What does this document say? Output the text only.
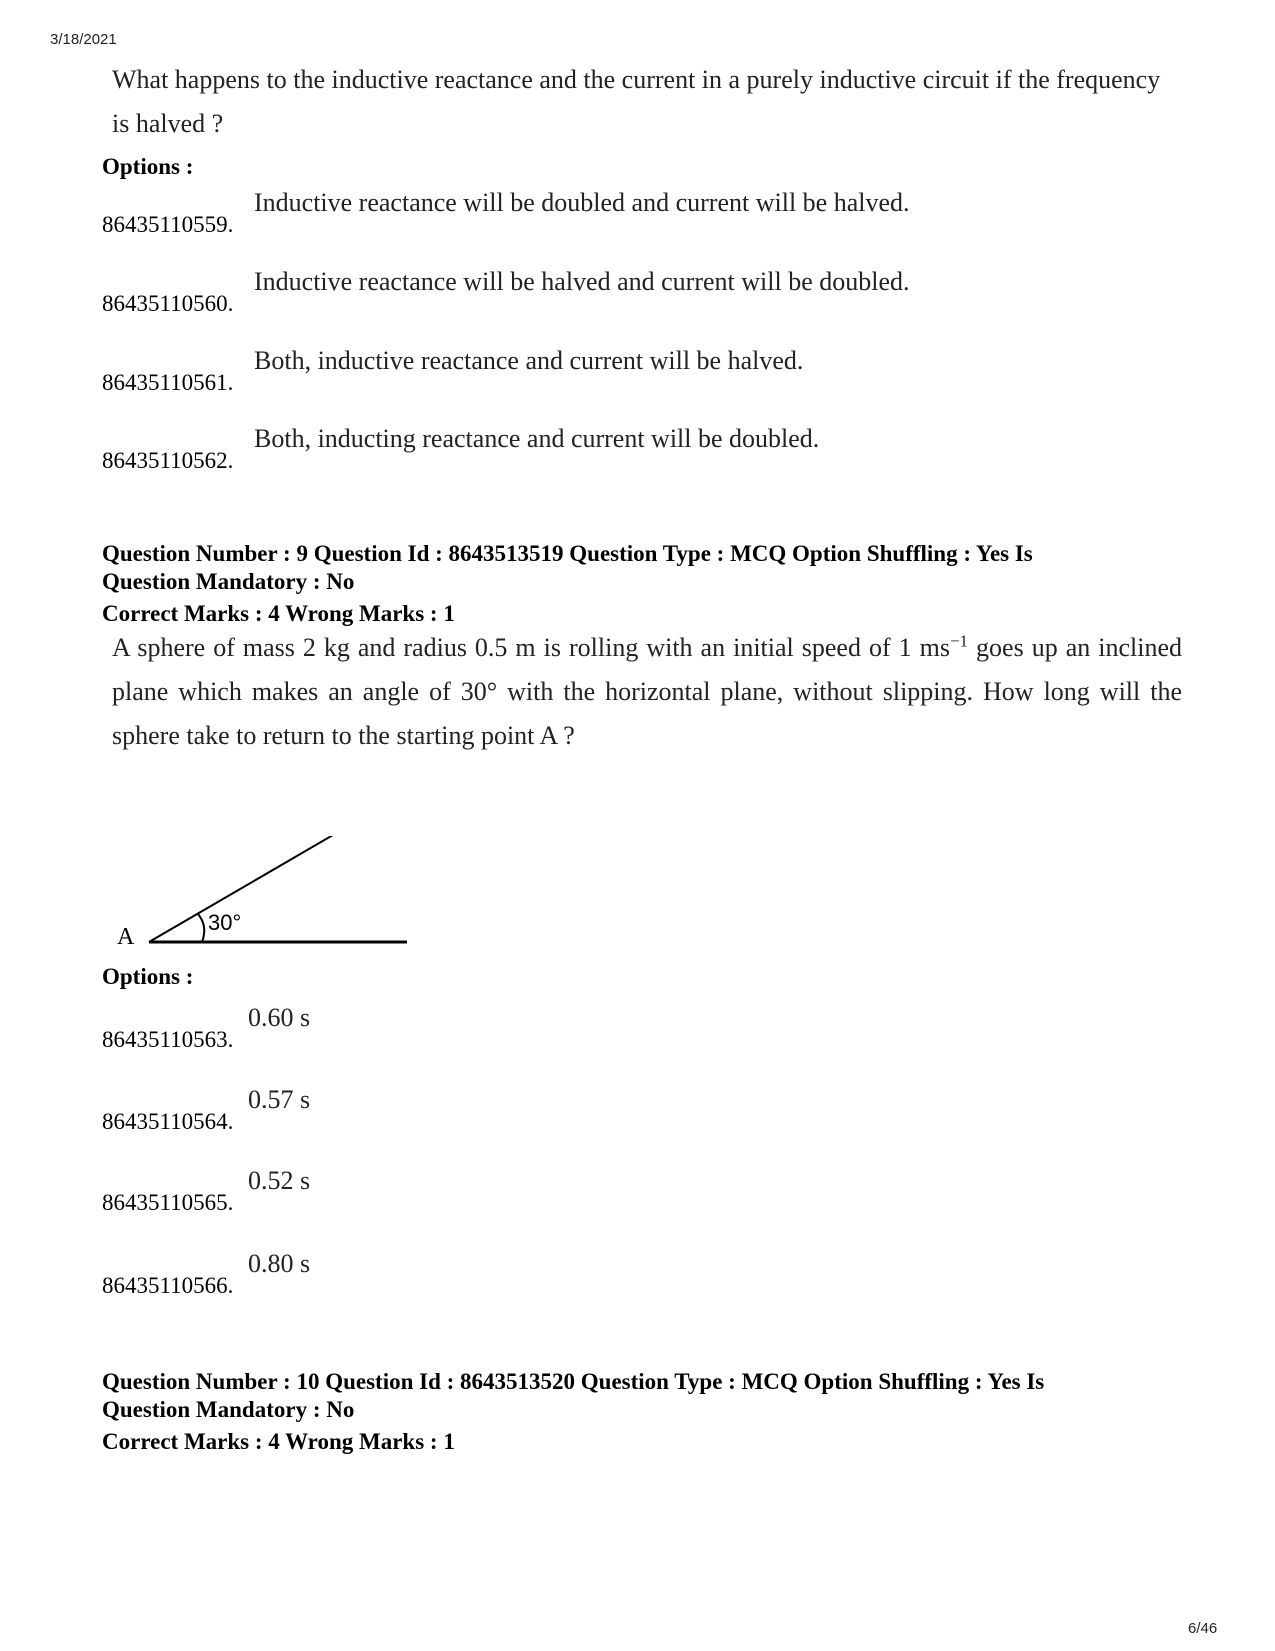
3/18/2021
What happens to the inductive reactance and the current in a purely inductive circuit if the frequency is halved ?
Options :
86435110559.
Inductive reactance will be doubled and current will be halved.
86435110560.
Inductive reactance will be halved and current will be doubled.
86435110561.
Both, inductive reactance and current will be halved.
86435110562.
Both, inducting reactance and current will be doubled.
Question Number : 9 Question Id : 8643513519 Question Type : MCQ Option Shuffling : Yes Is
Question Mandatory : No
Correct Marks : 4 Wrong Marks : 1
A sphere of mass 2 kg and radius 0.5 m is rolling with an initial speed of 1 $ms^{-1}$ goes up an inclined plane which makes an angle of 30° with the horizontal plane, without slipping. How long will the sphere take to return to the starting point A ?
A
30°
Options :
86435110563.
0.60 s
86435110564.
0.57 s
86435110565.
0.52 s
86435110566.
0.80 s
Question Number : 10 Question Id : 8643513520 Question Type : MCQ Option Shuffling : Yes Is
Question Mandatory : No
Correct Marks : 4 Wrong Marks : 1
6/46
